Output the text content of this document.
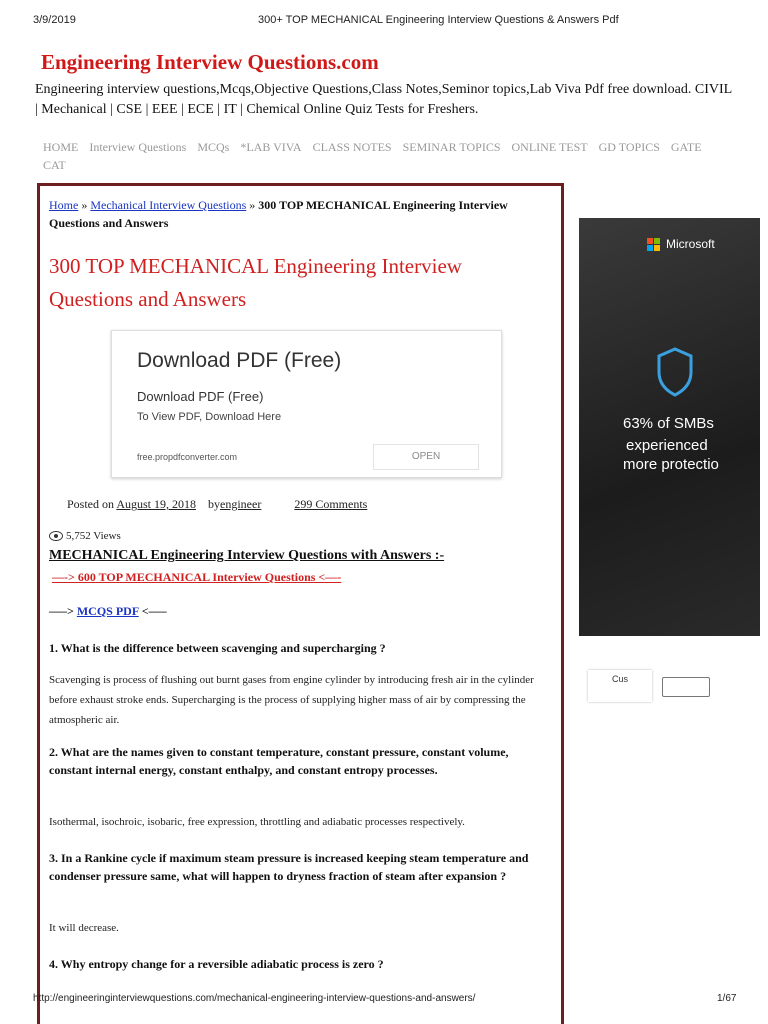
3/9/2019	300+ TOP MECHANICAL Engineering Interview Questions & Answers Pdf
Engineering Interview Questions.com
Engineering interview questions,Mcqs,Objective Questions,Class Notes,Seminor topics,Lab Viva Pdf free download. CIVIL | Mechanical | CSE | EEE | ECE | IT | Chemical Online Quiz Tests for Freshers.
HOME Interview Questions MCQs *LAB VIVA CLASS NOTES SEMINAR TOPICS ONLINE TEST GD TOPICS GATE
CAT
Home » Mechanical Interview Questions » 300 TOP MECHANICAL Engineering Interview Questions and Answers
300 TOP MECHANICAL Engineering Interview Questions and Answers
Download PDF (Free)
Download PDF (Free)
To View PDF, Download Here
free.propdfconverter.com	OPEN
Posted on August 19, 2018 byengineer	299 Comments
5,752 Views
MECHANICAL Engineering Interview Questions with Answers :-
—-> 600 TOP MECHANICAL Interview Questions <—-
—–> MCQS PDF <—–
1. What is the difference between scavenging and supercharging ?
Scavenging is process of flushing out burnt gases from engine cylinder by introducing fresh air in the cylinder before exhaust stroke ends. Supercharging is the process of supplying higher mass of air by compressing the atmospheric air.
2. What are the names given to constant temperature, constant pressure, constant volume, constant internal energy, constant enthalpy, and constant entropy processes.
Isothermal, isochroic, isobaric, free expression, throttling and adiabatic processes respectively.
3. In a Rankine cycle if maximum steam pressure is increased keeping steam temperature and condenser pressure same, what will happen to dryness fraction of steam after expansion ?
It will decrease.
4. Why entropy change for a reversible adiabatic process is zero ?
Microsoft
63% of SMBs
experienced
more protectio
Cus
http://engineeringinterviewquestions.com/mechanical-engineering-interview-questions-and-answers/	1/67
